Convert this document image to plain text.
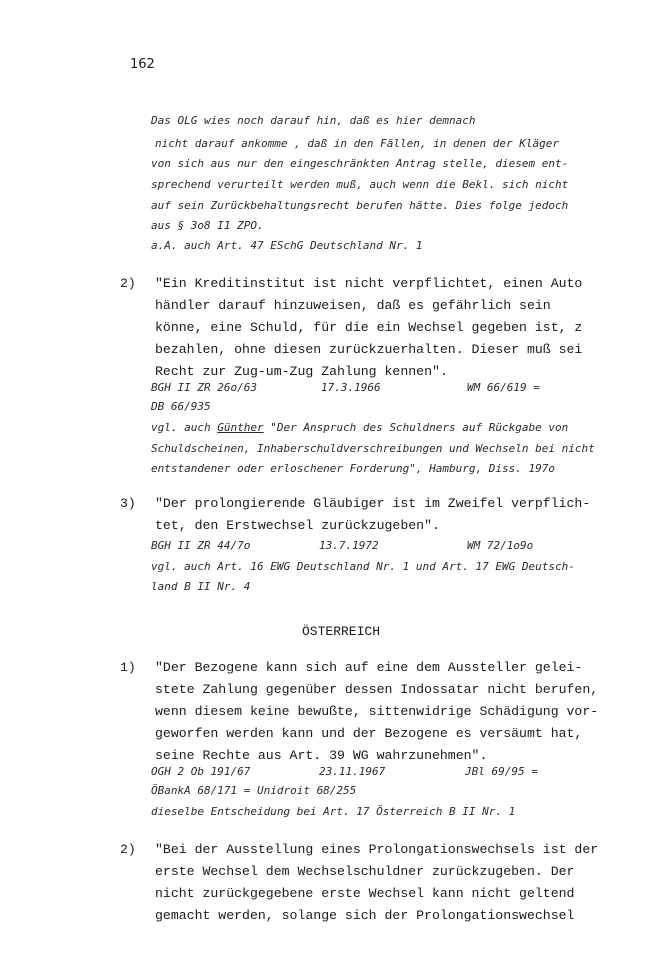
162
Das OLG wies noch darauf hin, daß es hier demnach
nicht darauf ankomme , daß in den Fällen, in denen der Kläger
von sich aus nur den eingeschränkten Antrag stelle, diesem ent-
sprechend verurteilt werden muß, auch wenn die Bekl. sich nicht
auf sein Zurückbehaltungsrecht berufen hätte. Dies folge jedoch
aus § 3o8 I1 ZPO.
a.A. auch Art. 47 ESchG Deutschland Nr. 1
2) "Ein Kreditinstitut ist nicht verpflichtet, einen Auto
händler darauf hinzuweisen, daß es gefährlich sein
könne, eine Schuld, für die ein Wechsel gegeben ist, z
bezahlen, ohne diesen zurückzuerhalten. Dieser muß sei
Recht zur Zug-um-Zug Zahlung kennen".
BGH II ZR 26o/63	17.3.1966	WM 66/619 =
DB 66/935
vgl. auch Günther "Der Anspruch des Schuldners auf Rückgabe von
Schuldscheinen, Inhaberschuldverschreibungen und Wechseln bei nicht
entstandener oder erloschener Forderung", Hamburg, Diss. 197o
3) "Der prolongierende Gläubiger ist im Zweifel verpflich-
tet, den Erstwechsel zurückzugeben".
BGH II ZR 44/7o	13.7.1972	WM 72/1o9o
vgl. auch Art. 16 EWG Deutschland Nr. 1 und Art. 17 EWG Deutsch-
land B II Nr. 4
ÖSTERREICH
1) "Der Bezogene kann sich auf eine dem Aussteller gelei-
stete Zahlung gegenüber dessen Indossatar nicht berufen,
wenn diesem keine bewußte, sittenwidrige Schädigung vor-
geworfen werden kann und der Bezogene es versäumt hat,
seine Rechte aus Art. 39 WG wahrzunehmen".
OGH 2 Ob 191/67	23.11.1967	JBl 69/95 =
ÖBankA 68/171 = Unidroit 68/255
dieselbe Entscheidung bei Art. 17 Österreich B II Nr. 1
2) "Bei der Ausstellung eines Prolongationswechsels ist der
erste Wechsel dem Wechselschuldner zurückzugeben. Der
nicht zurückgegebene erste Wechsel kann nicht geltend
gemacht werden, solange sich der Prolongationswechsel
